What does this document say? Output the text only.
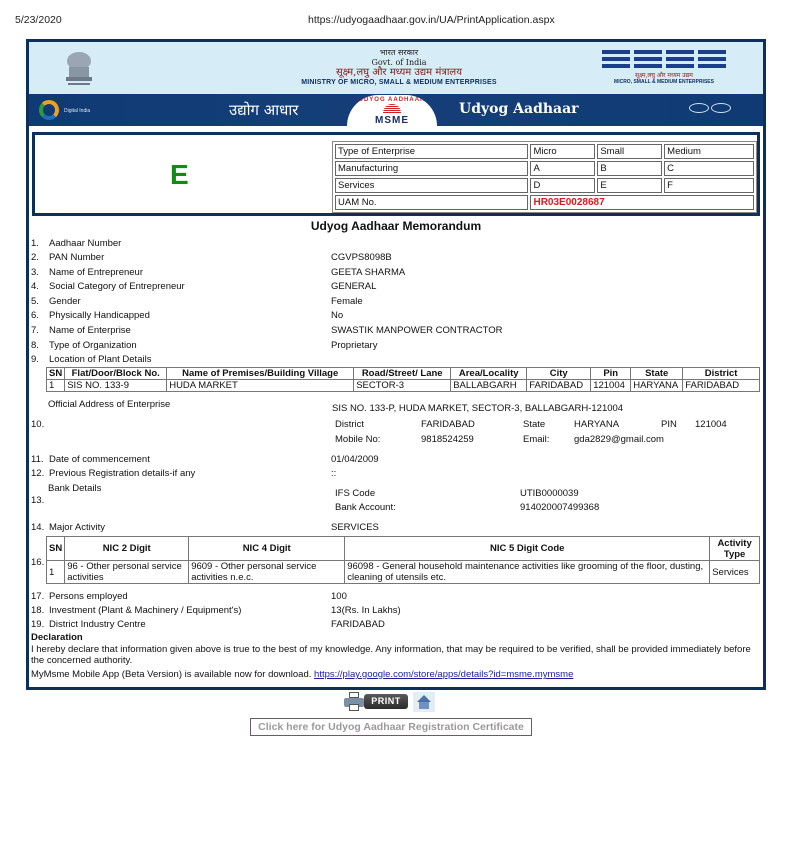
5/23/2020	https://udyogaadhaar.gov.in/UA/PrintApplication.aspx
भारत सरकार
Govt. of India
सूक्ष्म,लघु और मध्यम उद्यम मंत्रालय
MINISTRY OF MICRO, SMALL & MEDIUM ENTERPRISES
सूक्ष्म,लघु और मध्यम उद्यम
MICRO, SMALL & MEDIUM ENTERPRISES
Digital India	उद्योग आधार
UDYOG AADHAAR
MSME
Udyog Aadhaar
E
Type of Enterprise	Micro	Small	Medium
Manufacturing	A	B	C
Services	D	E	F
UAM No.	HR03E0028687		
Udyog Aadhaar Memorandum
1. Aadhaar Number
2. PAN Number	CGVPS8098B
3. Name of Entrepreneur	GEETA SHARMA
4. Social Category of Entrepreneur	GENERAL
5. Gender	Female
6. Physically Handicapped	No
7. Name of Enterprise	SWASTIK MANPOWER CONTRACTOR
8. Type of Organization	Proprietary
9. Location of Plant Details
SN	Flat/Door/Block No.	Name of Premises/Building Village	Road/Street/ Lane	Area/Locality	City	Pin	State	District
1	SIS NO. 133-9	HUDA MARKET	SECTOR-3	BALLABGARH	FARIDABAD	121004	HARYANA	FARIDABAD
Official Address of Enterprise	SIS NO. 133-P, HUDA MARKET, SECTOR-3, BALLABGARH-121004
10.	District	FARIDABAD	State	HARYANA	PIN 121004
Mobile No:	9818524259	Email:	gda2829@gmail.com
11. Date of commencement	01/04/2009
12. Previous Registration details-if any	::
Bank Details
13.
IFS Code	UTIB0000039
Bank Account:	914020007499368
14. Major Activity	SERVICES
16.
SN	NIC 2 Digit	NIC 4 Digit	NIC 5 Digit Code	Activity Type
1	96 - Other personal service activities	9609 - Other personal service activities n.e.c.	96098 - General household maintenance activities like grooming of the floor, dusting, cleaning of utensils etc.	Services
17. Persons employed	100
18. Investment (Plant & Machinery / Equipment's)	13(Rs. In Lakhs)
19. District Industry Centre	FARIDABAD
Declaration
I hereby declare that information given above is true to the best of my knowledge. Any information, that may be required to be verified, shall be provided immediately before the concerned authority.
MyMsme Mobile App (Beta Version) is available now for download. https://play.google.com/store/apps/details?id=msme.mymsme
PRINT
Click here for Udyog Aadhaar Registration Certificate
